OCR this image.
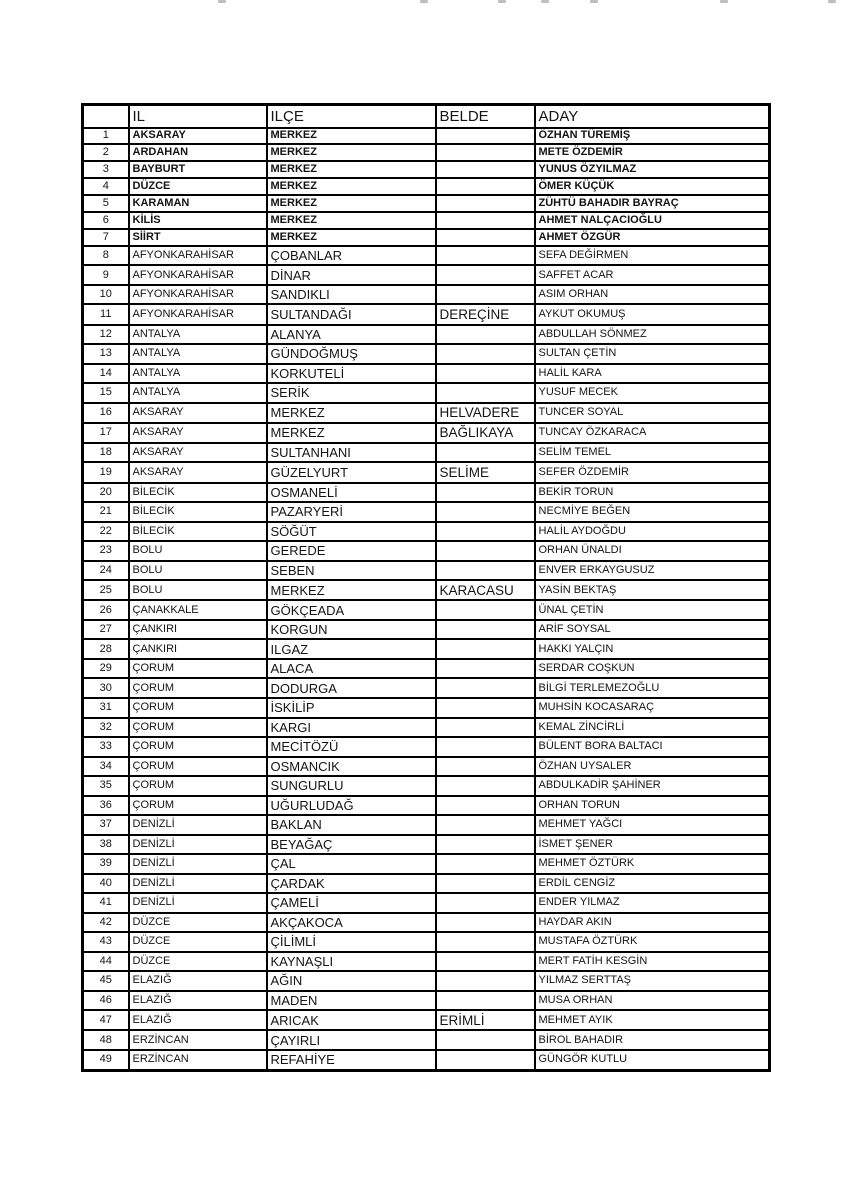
	IL	ILÇE	BELDE	ADAY
1	AKSARAY	MERKEZ		ÖZHAN TÜREMİŞ
2	ARDAHAN	MERKEZ		METE ÖZDEMİR
3	BAYBURT	MERKEZ		YUNUS ÖZYILMAZ
4	DÜZCE	MERKEZ		ÖMER KÜÇÜK
5	KARAMAN	MERKEZ		ZÜHTÜ BAHADIR BAYRAÇ
6	KİLİS	MERKEZ		AHMET NALÇACIOĞLU
7	SİİRT	MERKEZ		AHMET ÖZGÜR
8	AFYONKARAHİSAR	ÇOBANLAR		SEFA DEĞİRMEN
9	AFYONKARAHİSAR	DİNAR		SAFFET ACAR
10	AFYONKARAHİSAR	SANDIKLI		ASIM ORHAN
11	AFYONKARAHİSAR	SULTANDAĞI	DEREÇİNE	AYKUT OKUMUŞ
12	ANTALYA	ALANYA		ABDULLAH SÖNMEZ
13	ANTALYA	GÜNDOĞMUŞ		SULTAN ÇETİN
14	ANTALYA	KORKUTELİ		HALİL KARA
15	ANTALYA	SERİK		YUSUF MECEK
16	AKSARAY	MERKEZ	HELVADERE	TUNCER SOYAL
17	AKSARAY	MERKEZ	BAĞLIKAYA	TUNCAY ÖZKARACA
18	AKSARAY	SULTANHANI		SELİM TEMEL
19	AKSARAY	GÜZELYURT	SELİME	SEFER ÖZDEMİR
20	BİLECİK	OSMANELİ		BEKİR TORUN
21	BİLECİK	PAZARYERİ		NECMİYE BEĞEN
22	BİLECİK	SÖĞÜT		HALİL AYDOĞDU
23	BOLU	GEREDE		ORHAN ÜNALDI
24	BOLU	SEBEN		ENVER ERKAYGUSUZ
25	BOLU	MERKEZ	KARACASU	YASİN BEKTAŞ
26	ÇANAKKALE	GÖKÇEADA		ÜNAL ÇETİN
27	ÇANKIRI	KORGUN		ARİF SOYSAL
28	ÇANKIRI	ILGAZ		HAKKI YALÇIN
29	ÇORUM	ALACA		SERDAR COŞKUN
30	ÇORUM	DODURGA		BİLGİ TERLEMEZOĞLU
31	ÇORUM	İSKİLİP		MUHSİN KOCASARAÇ
32	ÇORUM	KARGI		KEMAL ZİNCİRLİ
33	ÇORUM	MECİTÖZÜ		BÜLENT BORA BALTACI
34	ÇORUM	OSMANCIK		ÖZHAN UYSALER
35	ÇORUM	SUNGURLU		ABDULKADİR ŞAHİNER
36	ÇORUM	UĞURLUDAĞ		ORHAN TORUN
37	DENİZLİ	BAKLAN		MEHMET YAĞCI
38	DENİZLİ	BEYAĞAÇ		İSMET ŞENER
39	DENİZLİ	ÇAL		MEHMET ÖZTÜRK
40	DENİZLİ	ÇARDAK		ERDİL CENGİZ
41	DENİZLİ	ÇAMELİ		ENDER YILMAZ
42	DÜZCE	AKÇAKOCA		HAYDAR AKIN
43	DÜZCE	ÇİLİMLİ		MUSTAFA ÖZTÜRK
44	DÜZCE	KAYNAŞLI		MERT FATİH KESGİN
45	ELAZIĞ	AĞIN		YILMAZ SERTTAŞ
46	ELAZIĞ	MADEN		MUSA ORHAN
47	ELAZIĞ	ARICAK	ERİMLİ	MEHMET AYIK
48	ERZİNCAN	ÇAYIRLI		BİROL BAHADIR
49	ERZİNCAN	REFAHİYE		GÜNGÖR KUTLU
